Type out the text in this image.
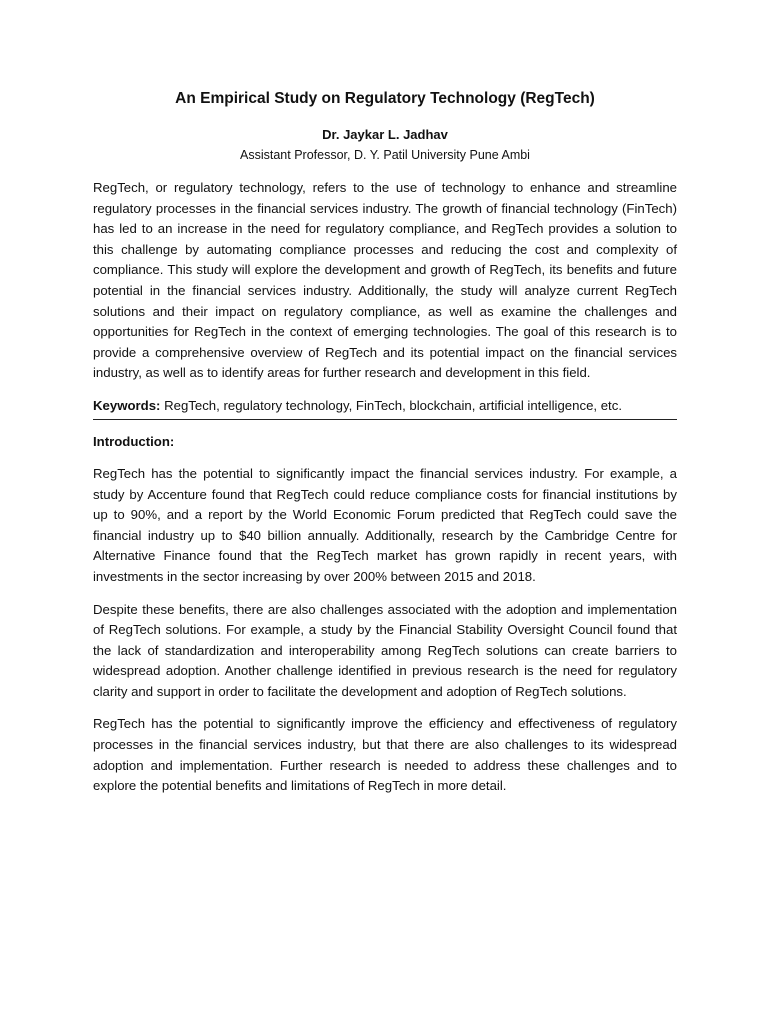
An Empirical Study on Regulatory Technology (RegTech)

Dr. Jaykar L. Jadhav

Assistant Professor, D. Y. Patil University Pune Ambi

RegTech, or regulatory technology, refers to the use of technology to enhance and streamline regulatory processes in the financial services industry. The growth of financial technology (FinTech) has led to an increase in the need for regulatory compliance, and RegTech provides a solution to this challenge by automating compliance processes and reducing the cost and complexity of compliance. This study will explore the development and growth of RegTech, its benefits and future potential in the financial services industry. Additionally, the study will analyze current RegTech solutions and their impact on regulatory compliance, as well as examine the challenges and opportunities for RegTech in the context of emerging technologies. The goal of this research is to provide a comprehensive overview of RegTech and its potential impact on the financial services industry, as well as to identify areas for further research and development in this field.

Keywords: RegTech, regulatory technology, FinTech, blockchain, artificial intelligence, etc.

Introduction:

RegTech has the potential to significantly impact the financial services industry. For example, a study by Accenture found that RegTech could reduce compliance costs for financial institutions by up to 90%, and a report by the World Economic Forum predicted that RegTech could save the financial industry up to $40 billion annually. Additionally, research by the Cambridge Centre for Alternative Finance found that the RegTech market has grown rapidly in recent years, with investments in the sector increasing by over 200% between 2015 and 2018.

Despite these benefits, there are also challenges associated with the adoption and implementation of RegTech solutions. For example, a study by the Financial Stability Oversight Council found that the lack of standardization and interoperability among RegTech solutions can create barriers to widespread adoption. Another challenge identified in previous research is the need for regulatory clarity and support in order to facilitate the development and adoption of RegTech solutions.

RegTech has the potential to significantly improve the efficiency and effectiveness of regulatory processes in the financial services industry, but that there are also challenges to its widespread adoption and implementation. Further research is needed to address these challenges and to explore the potential benefits and limitations of RegTech in more detail.
